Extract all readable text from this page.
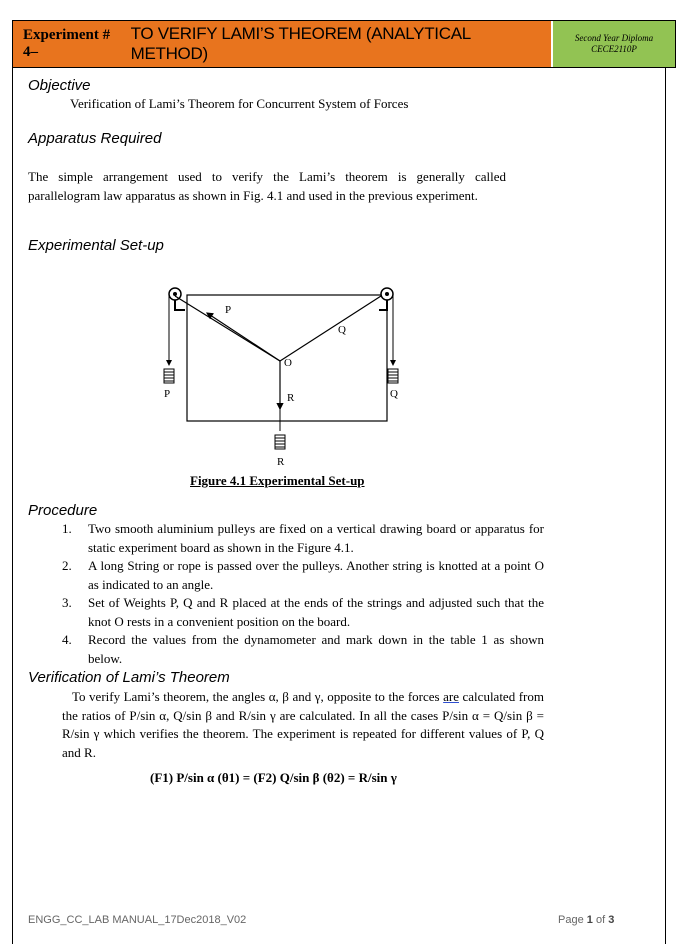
Experiment # 4–
TO VERIFY LAMI’S THEOREM (ANALYTICAL METHOD)
Second Year Diploma
CECE2110P
Objective

Verification of Lami’s Theorem for Concurrent System of Forces

Apparatus Required

The simple arrangement used to verify the Lami’s theorem is generally called parallelogram law apparatus as shown in Fig. 4.1 and used in the previous experiment.

Experimental Set-up
P
Q
O
R
P	Q
R
Figure 4.1 Experimental Set-up
Procedure
1. Two smooth aluminium pulleys are fixed on a vertical drawing board or apparatus for static experiment board as shown in the Figure 4.1.
2. A long String or rope is passed over the pulleys. Another string is knotted at a point O as indicated to an angle.
3. Set of Weights P, Q and R placed at the ends of the strings and adjusted such that the knot O rests in a convenient position on the board.
4. Record the values from the dynamometer and mark down in the table 1 as shown below.
Verification of Lami’s Theorem

To verify Lami’s theorem, the angles α, β and γ, opposite to the forces are calculated from the ratios of P/sin α, Q/sin β and R/sin γ are calculated. In all the cases P/sin α = Q/sin β = R/sin γ which verifies the theorem. The experiment is repeated for different values of P, Q and R.

(F1) P/sin α (θ1) = (F2) Q/sin β (θ2) = R/sin γ
ENGG_CC_LAB MANUAL_17Dec2018_V02	Page 1 of 3
